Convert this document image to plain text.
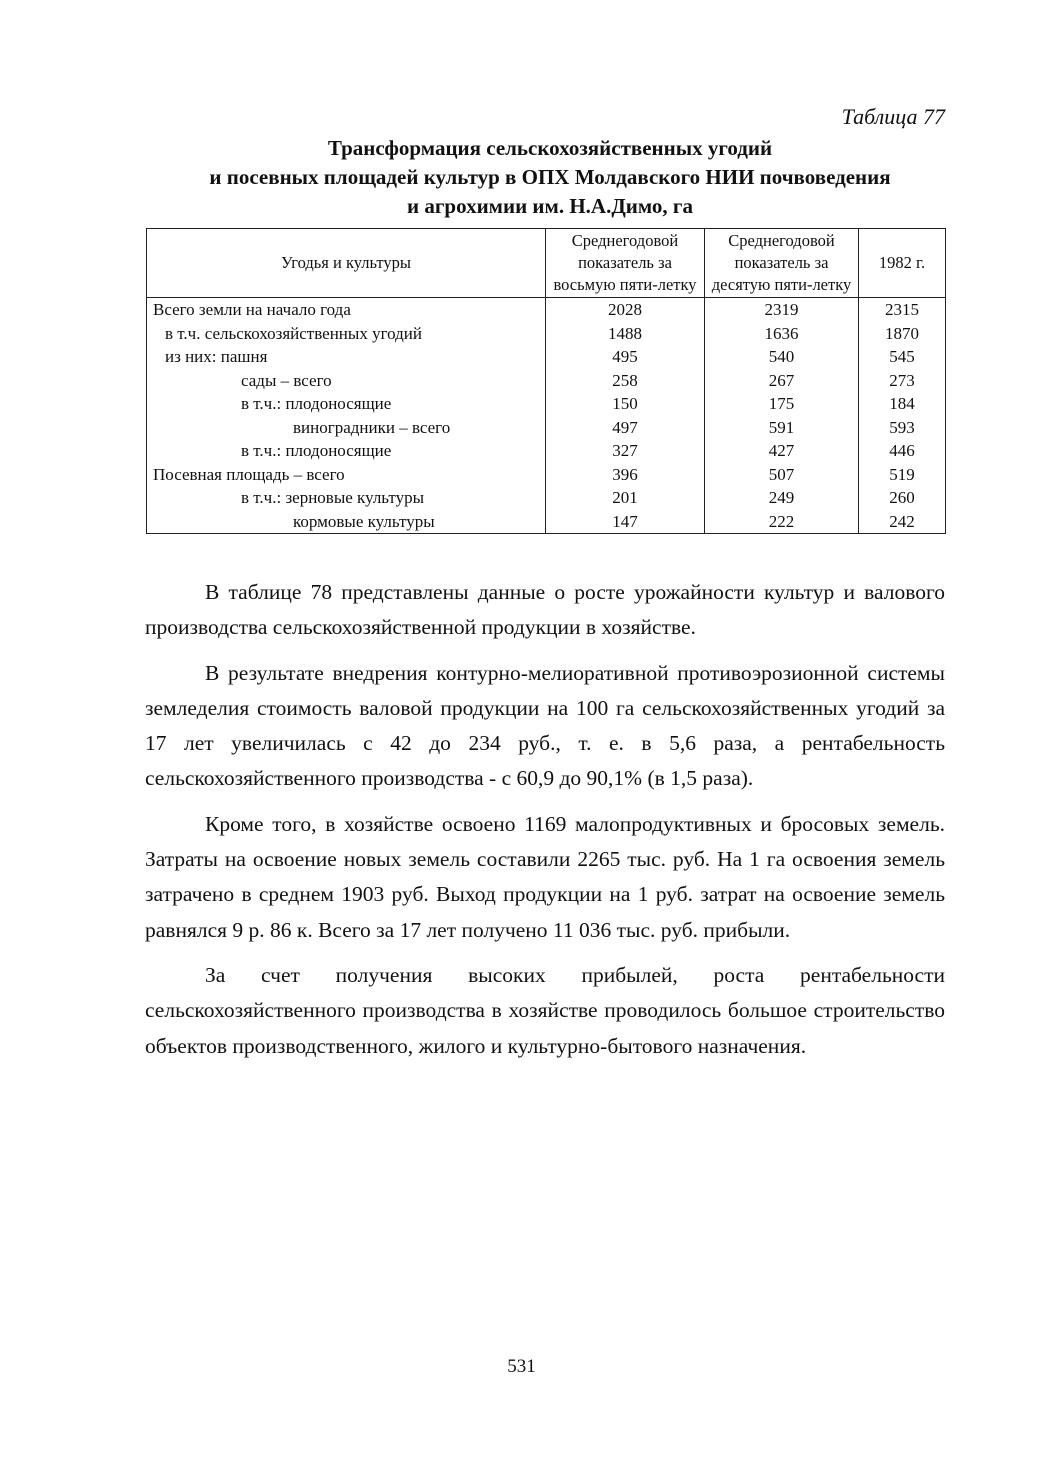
Таблица 77
Трансформация сельскохозяйственных угодий
и посевных площадей культур в ОПХ Молдавского НИИ почвоведения
и агрохимии им. Н.А.Димо, га
Угодья и культуры	Среднегодовой показатель за восьмую пяти-летку	Среднегодовой показатель за десятую пяти-летку	1982 г.
Всего земли на начало года	2028	2319	2315
в т.ч. сельскохозяйственных угодий	1488	1636	1870
из них: пашня	495	540	545
сады – всего	258	267	273
в т.ч.: плодоносящие	150	175	184
виноградники – всего	497	591	593
в т.ч.: плодоносящие	327	427	446
Посевная площадь – всего	396	507	519
в т.ч.: зерновые культуры	201	249	260
кормовые культуры	147	222	242

В таблице 78 представлены данные о росте урожайности культур и валового производства сельскохозяйственной продукции в хозяйстве.

В результате внедрения контурно-мелиоративной противоэрозионной системы земледелия стоимость валовой продукции на 100 га сельскохозяйственных угодий за 17 лет увеличилась с 42 до 234 руб., т. е. в 5,6 раза, а рентабельность сельскохозяйственного производства - с 60,9 до 90,1% (в 1,5 раза).

Кроме того, в хозяйстве освоено 1169 малопродуктивных и бросовых земель. Затраты на освоение новых земель составили 2265 тыс. руб. На 1 га освоения земель затрачено в среднем 1903 руб. Выход продукции на 1 руб. затрат на освоение земель равнялся 9 р. 86 к. Всего за 17 лет получено 11 036 тыс. руб. прибыли.

За счет получения высоких прибылей, роста рентабельности сельскохозяйственного производства в хозяйстве проводилось большое строительство объектов производственного, жилого и культурно-бытового назначения.

531
